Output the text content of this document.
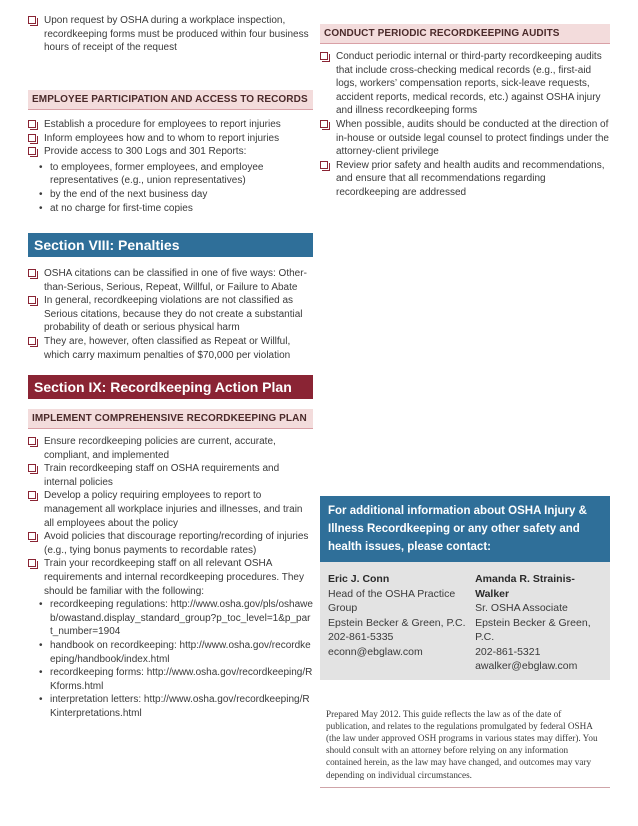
Upon request by OSHA during a workplace inspection, recordkeeping forms must be produced within four business hours of receipt of the request

EMPLOYEE PARTICIPATION AND ACCESS TO RECORDS

Establish a procedure for employees to report injuries

Inform employees how and to whom to report injuries

Provide access to 300 Logs and 301 Reports:

• to employees, former employees, and employee representatives (e.g., union representatives)
• by the end of the next business day
• at no charge for first-time copies
Section VIII: Penalties

OSHA citations can be classified in one of five ways: Other-than-Serious, Serious, Repeat, Willful, or Failure to Abate

In general, recordkeeping violations are not classified as Serious citations, because they do not create a substantial probability of death or serious physical harm

They are, however, often classified as Repeat or Willful, which carry maximum penalties of $70,000 per violation

Section IX: Recordkeeping Action Plan
IMPLEMENT COMPREHENSIVE RECORDKEEPING PLAN

Ensure recordkeeping policies are current, accurate, compliant, and implemented

Train recordkeeping staff on OSHA requirements and internal policies

Develop a policy requiring employees to report to management all workplace injuries and illnesses, and train all employees about the policy

Avoid policies that discourage reporting/recording of injuries (e.g., tying bonus payments to recordable rates)

Train your recordkeeping staff on all relevant OSHA requirements and internal recordkeeping procedures. They should be familiar with the following:

• recordkeeping regulations: http://www.osha.gov/pls/oshaweb/owastand.display_standard_group?p_toc_level=1&p_part_number=1904
• handbook on recordkeeping: http://www.osha.gov/recordkeeping/handbook/index.html
• recordkeeping forms: http://www.osha.gov/recordkeeping/RKforms.html
• interpretation letters: http://www.osha.gov/recordkeeping/RKinterpretations.html
CONDUCT PERIODIC RECORDKEEPING AUDITS

Conduct periodic internal or third-party recordkeeping audits that include cross-checking medical records (e.g., first-aid logs, workers’ compensation reports, sick-leave requests, accident reports, medical records, etc.) against OSHA injury and illness recordkeeping forms

When possible, audits should be conducted at the direction of in-house or outside legal counsel to protect findings under the attorney-client privilege

Review prior safety and health audits and recommendations, and ensure that all recommendations regarding recordkeeping are addressed

For additional information about OSHA Injury & Illness Recordkeeping or any other safety and health issues, please contact:
Eric J. Conn
Head of the OSHA Practice Group
Epstein Becker & Green, P.C.
202-861-5335
econn@ebglaw.com
Amanda R. Strainis-Walker
Sr. OSHA Associate
Epstein Becker & Green, P.C.
202-861-5321
awalker@ebglaw.com
Prepared May 2012. This guide reflects the law as of the date of publication, and relates to the regulations promulgated by federal OSHA (the law under approved OSH programs in various states may differ). You should consult with an attorney before relying on any information contained herein, as the law may have changed, and outcomes may vary depending on individual circumstances.
